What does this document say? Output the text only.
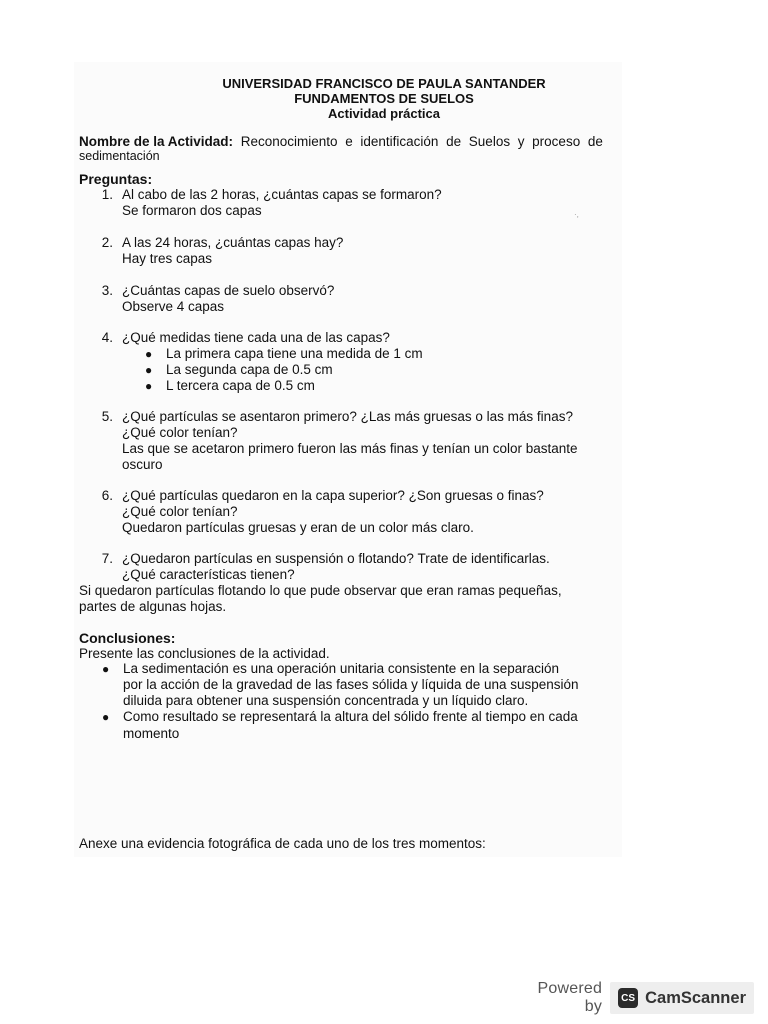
UNIVERSIDAD FRANCISCO DE PAULA SANTANDER
FUNDAMENTOS DE SUELOS
Actividad práctica
Nombre de la Actividad: Reconocimiento e identificación de Suelos y proceso de
sedimentación
Preguntas:
1. Al cabo de las 2 horas, ¿cuántas capas se formaron?
Se formaron dos capas	·,
2. A las 24 horas, ¿cuántas capas hay?
Hay tres capas
3. ¿Cuántas capas de suelo observó?
Observe 4 capas
4. ¿Qué medidas tiene cada una de las capas?
● La primera capa tiene una medida de 1 cm
● La segunda capa de 0.5 cm
● L tercera capa de 0.5 cm
5. ¿Qué partículas se asentaron primero? ¿Las más gruesas o las más finas?
¿Qué color tenían?
Las que se acetaron primero fueron las más finas y tenían un color bastante
oscuro
6. ¿Qué partículas quedaron en la capa superior? ¿Son gruesas o finas?
¿Qué color tenían?
Quedaron partículas gruesas y eran de un color más claro.
7. ¿Quedaron partículas en suspensión o flotando? Trate de identificarlas.
¿Qué características tienen?
Si quedaron partículas flotando lo que pude observar que eran ramas pequeñas,
partes de algunas hojas.
Conclusiones:
Presente las conclusiones de la actividad.
● La sedimentación es una operación unitaria consistente en la separación
por la acción de la gravedad de las fases sólida y líquida de una suspensión
diluida para obtener una suspensión concentrada y un líquido claro.
● Como resultado se representará la altura del sólido frente al tiempo en cada
momento
Anexe una evidencia fotográfica de cada uno de los tres momentos:
Powered by	CS CamScanner
